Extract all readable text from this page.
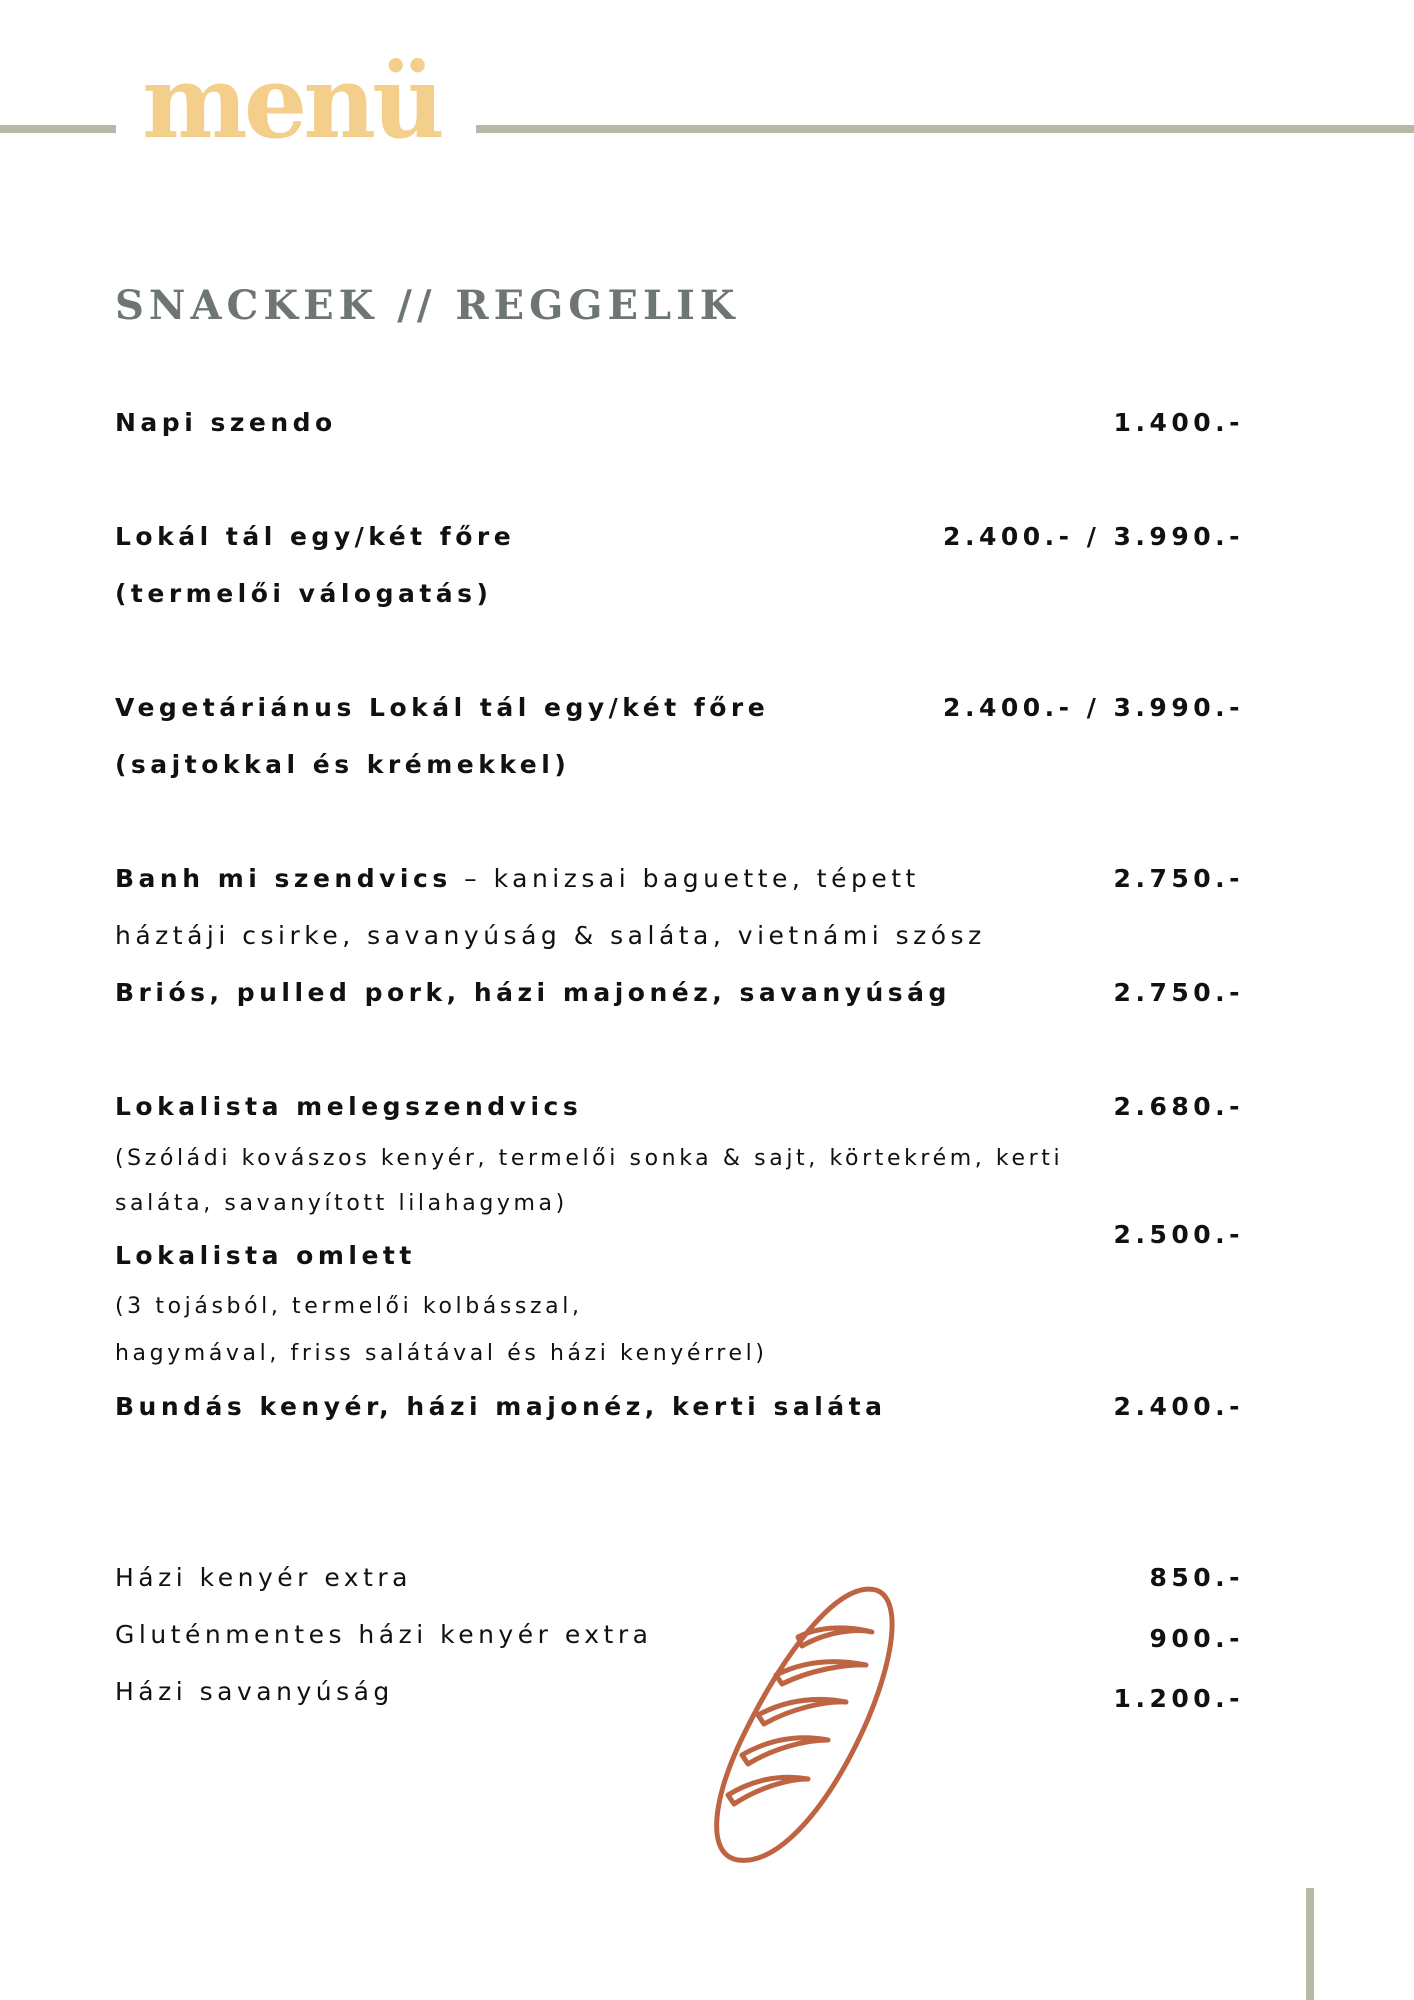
menü
SNACKEK // REGGELIK
Napi szendo	1.400.-
Lokál tál egy/két főre
(termelői válogatás)
2.400.- / 3.990.-
Vegetáriánus Lokál tál egy/két főre
(sajtokkal és krémekkel)
2.400.- / 3.990.-
Banh mi szendvics – kanizsai baguette, tépett
háztáji csirke, savanyúság & saláta, vietnámi szósz
2.750.-
Briós, pulled pork, házi majonéz, savanyúság	2.750.-
Lokalista melegszendvics
(Szóládi kovászos kenyér, termelői sonka & sajt, körtekrém, kerti
saláta, savanyított lilahagyma)
2.680.-
Lokalista omlett
(3 tojásból, termelői kolbásszal,
hagymával, friss salátával és házi kenyérrel)
2.500.-
Bundás kenyér, házi majonéz, kerti saláta	2.400.-
Házi kenyér extra	850.-
Gluténmentes házi kenyér extra	900.-
Házi savanyúság	1.200.-
